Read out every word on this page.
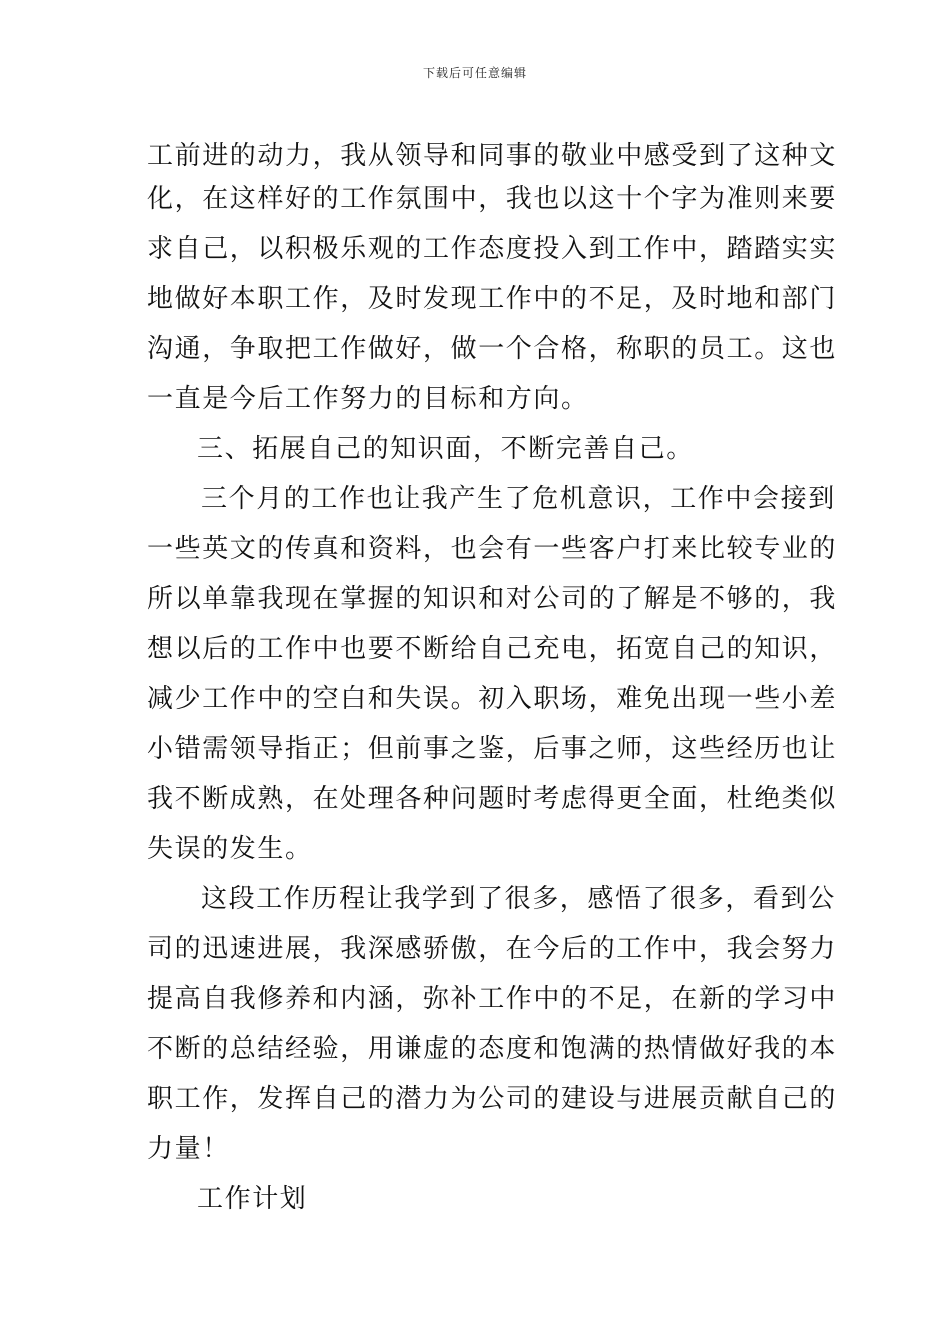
下载后可任意编辑
工前进的动力，我从领导和同事的敬业中感受到了这种文
化，在这样好的工作氛围中，我也以这十个字为准则来要
求自己，以积极乐观的工作态度投入到工作中，踏踏实实
地做好本职工作，及时发现工作中的不足，及时地和部门
沟通，争取把工作做好，做一个合格，称职的员工。这也
一直是今后工作努力的目标和方向。
三、拓展自己的知识面，不断完善自己。
三个月的工作也让我产生了危机意识，工作中会接到
一些英文的传真和资料，也会有一些客户打来比较专业的
所以单靠我现在掌握的知识和对公司的了解是不够的，我
想以后的工作中也要不断给自己充电，拓宽自己的知识，
减少工作中的空白和失误。初入职场，难免出现一些小差
小错需领导指正；但前事之鉴，后事之师，这些经历也让
我不断成熟，在处理各种问题时考虑得更全面，杜绝类似
失误的发生。
这段工作历程让我学到了很多，感悟了很多，看到公
司的迅速进展，我深感骄傲，在今后的工作中，我会努力
提高自我修养和内涵，弥补工作中的不足，在新的学习中
不断的总结经验，用谦虚的态度和饱满的热情做好我的本
职工作，发挥自己的潜力为公司的建设与进展贡献自己的
力量！
工作计划
